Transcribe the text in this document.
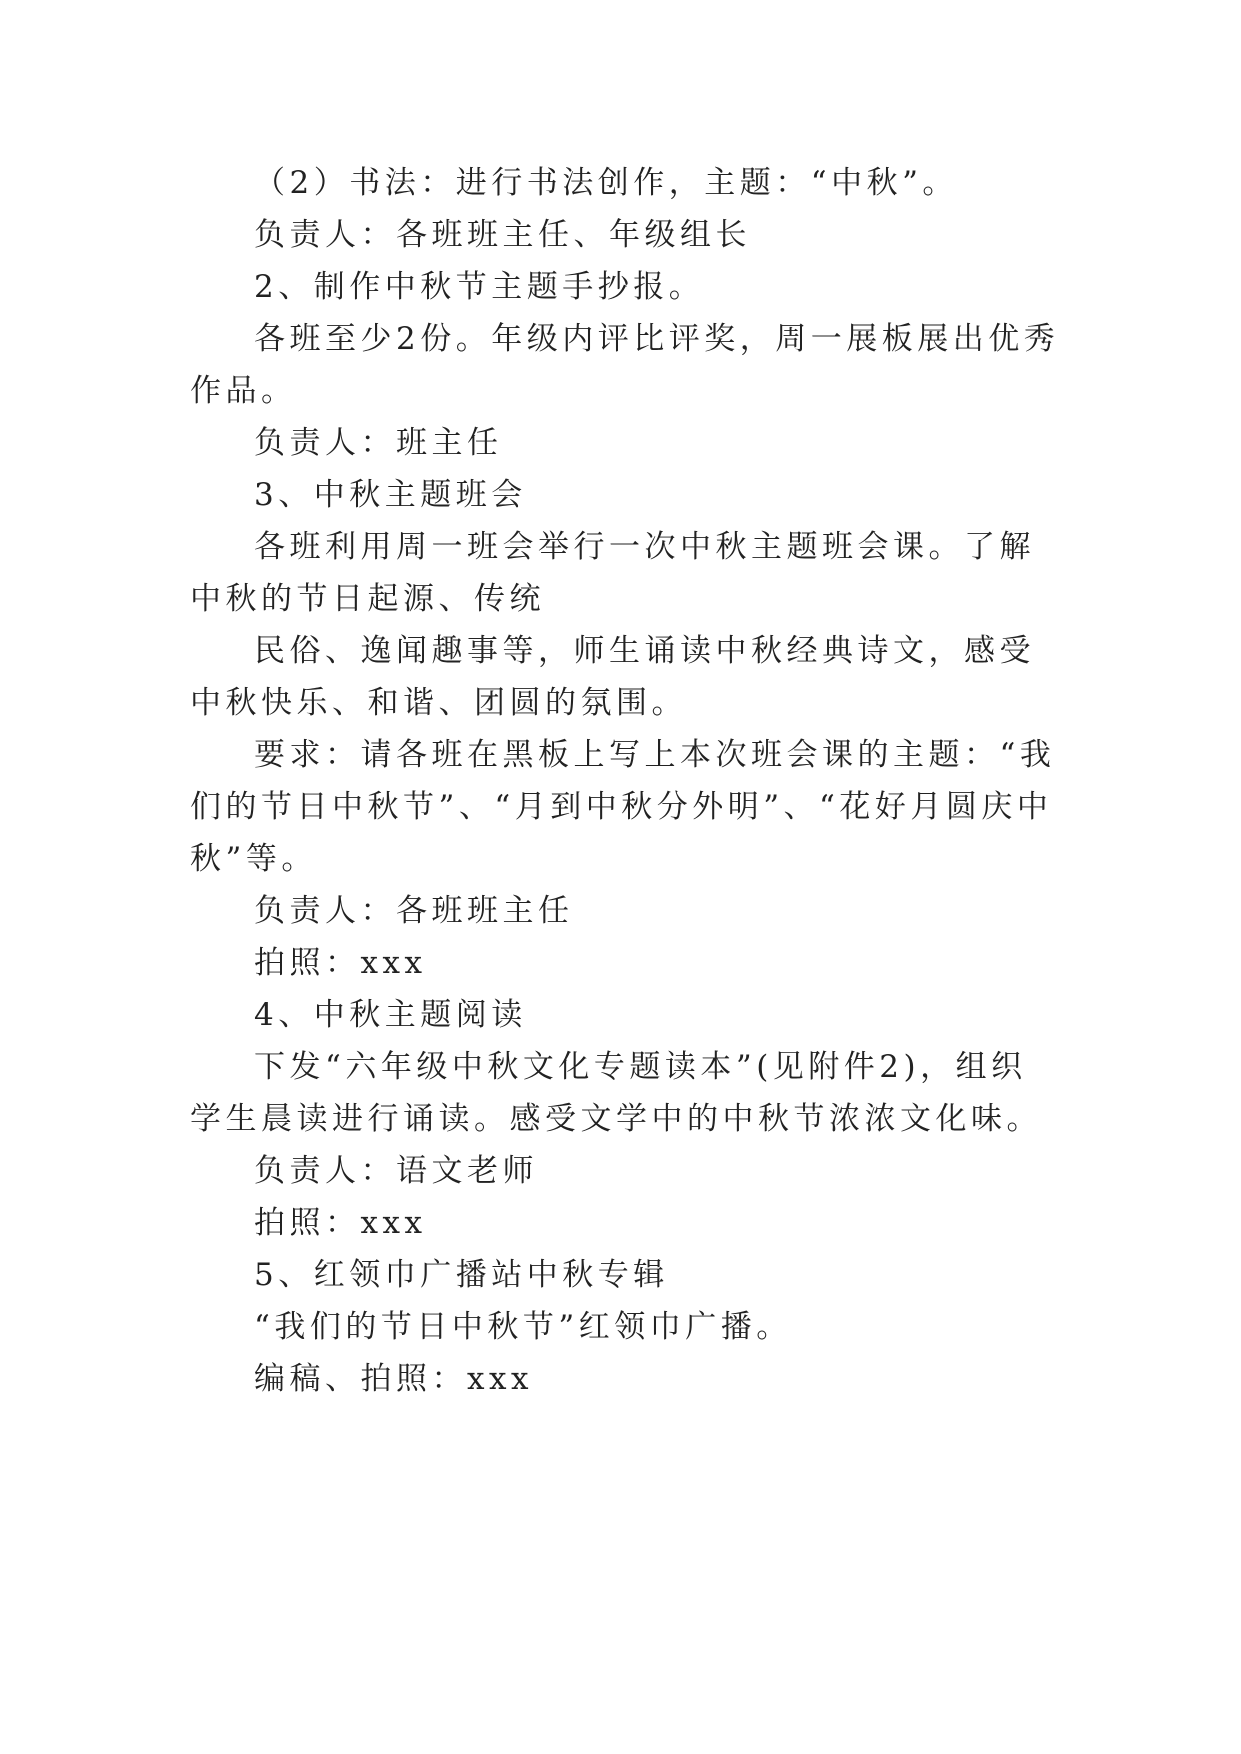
（2）书法：进行书法创作，主题：“中秋”。

负责人：各班班主任、年级组长

2、制作中秋节主题手抄报。

各班至少2份。年级内评比评奖，周一展板展出优秀作品。

负责人：班主任

3、中秋主题班会

各班利用周一班会举行一次中秋主题班会课。了解中秋的节日起源、传统

民俗、逸闻趣事等，师生诵读中秋经典诗文，感受中秋快乐、和谐、团圆的氛围。

要求：请各班在黑板上写上本次班会课的主题：“我们的节日中秋节”、“月到中秋分外明”、“花好月圆庆中秋”等。

负责人：各班班主任

拍照：xxx

4、中秋主题阅读

下发“六年级中秋文化专题读本”(见附件2)，组织学生晨读进行诵读。感受文学中的中秋节浓浓文化味。

负责人：语文老师

拍照：xxx

5、红领巾广播站中秋专辑

“我们的节日中秋节”红领巾广播。

编稿、拍照：xxx
